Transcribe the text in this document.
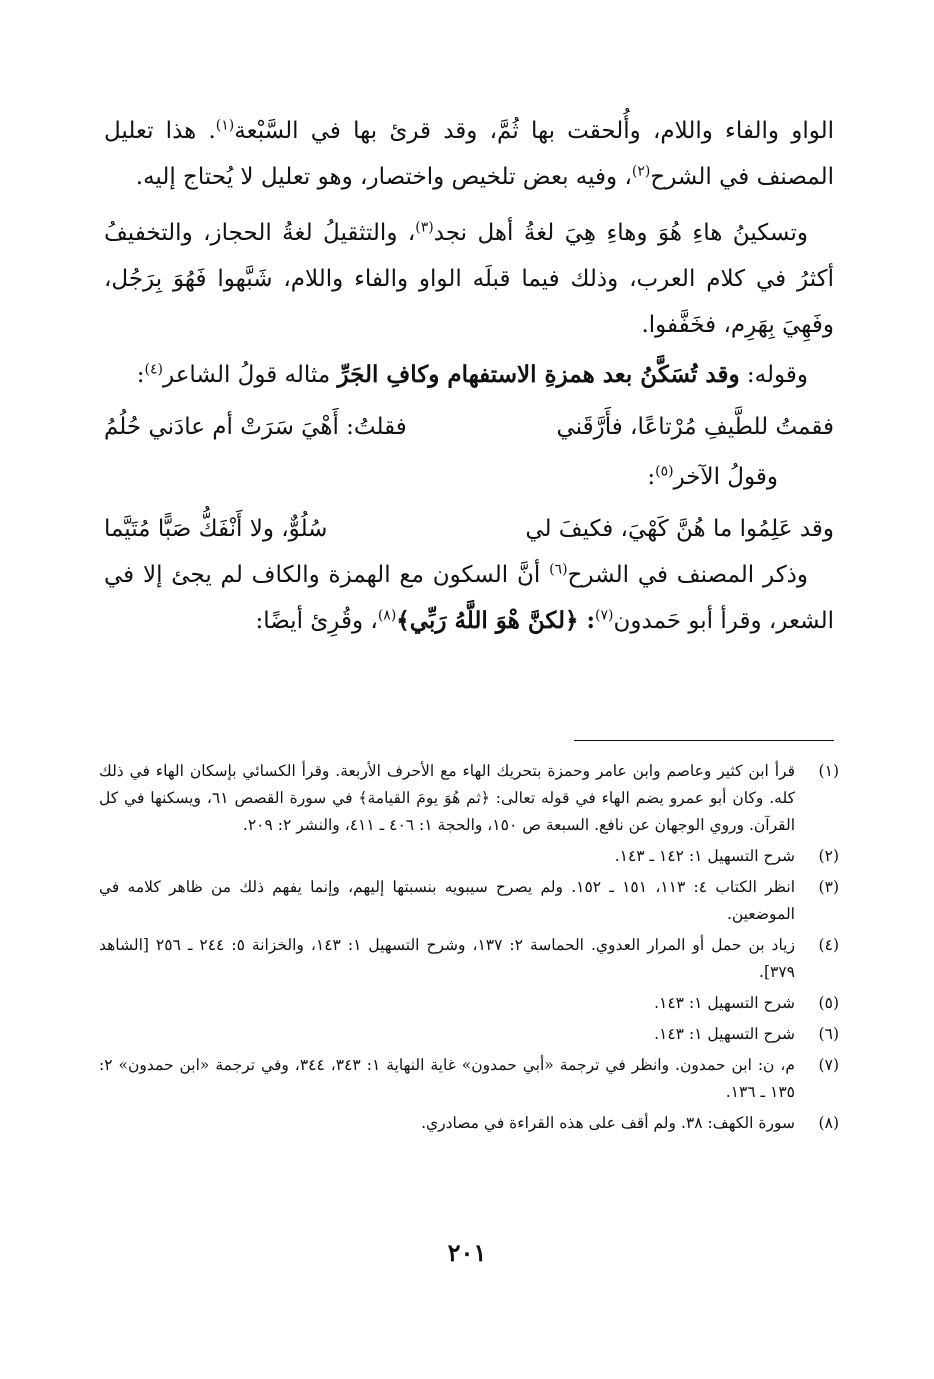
الواو والفاء واللام، وأُلحقت بها ثُمَّ، وقد قرئ بها في السَّبْعة$^{(١)}$. هذا تعليل المصنف في الشرح$^{(٢)}$، وفيه بعض تلخيص واختصار، وهو تعليل لا يُحتاج إليه.

وتسكينُ هاءِ هُوَ وهاءِ هِيَ لغةُ أهل نجد$^{(٣)}$، والتثقيلُ لغةُ الحجاز، والتخفيفُ أكثرُ في كلام العرب، وذلك فيما قبلَه الواو والفاء واللام، شَبَّهوا فَهُوَ بِرَجُل، وفَهِيَ بِهَرِم، فخَفَّفوا.

وقوله: وقد تُسَكَّنُ بعد همزةِ الاستفهام وكافِ الجَرِّ مثاله قولُ الشاعر$^{(٤)}$:

فقمتُ للطَّيفِ مُرْتاعًا، فأَرَّقَني
فقلتُ: أَهْيَ سَرَتْ أم عادَني حُلُمُ

وقولُ الآخر$^{(٥)}$:

وقد عَلِمُوا ما هُنَّ كَهْيَ، فكيفَ لي
سُلُوٌّ، ولا أَنْفَكُّ صَبًّا مُتَيَّما

وذكر المصنف في الشرح$^{(٦)}$ أنَّ السكون مع الهمزة والكاف لم يجئ إلا في الشعر، وقرأ أبو حَمدون$^{(٧)}$: ﴿لكنَّ هْوَ اللَّهُ رَبِّي﴾$^{(٨)}$، وقُرِئ أيضًا:

(١)
قرأ ابن كثير وعاصم وابن عامر وحمزة بتحريك الهاء مع الأحرف الأربعة. وقرأ الكسائي بإسكان الهاء في ذلك كله. وكان أبو عمرو يضم الهاء في قوله تعالى: ﴿ثم هُوَ يومَ القيامة﴾ في سورة القصص ٦١، ويسكنها في كل القرآن. وروي الوجهان عن نافع. السبعة ص ١٥٠، والحجة ١: ٤٠٦ ـ ٤١١، والنشر ٢: ٢٠٩.
(٢)
شرح التسهيل ١: ١٤٢ ـ ١٤٣.
(٣)
انظر الكتاب ٤: ١١٣، ١٥١ ـ ١٥٢. ولم يصرح سيبويه بنسبتها إليهم، وإنما يفهم ذلك من ظاهر كلامه في الموضعين.
(٤)
زياد بن حمل أو المرار العدوي. الحماسة ٢: ١٣٧، وشرح التسهيل ١: ١٤٣، والخزانة ٥: ٢٤٤ ـ ٢٥٦ [الشاهد ٣٧٩].
(٥)
شرح التسهيل ١: ١٤٣.
(٦)
شرح التسهيل ١: ١٤٣.
(٧)
م، ن: ابن حمدون. وانظر في ترجمة «أبي حمدون» غاية النهاية ١: ٣٤٣، ٣٤٤، وفي ترجمة «ابن حمدون» ٢: ١٣٥ ـ ١٣٦.
(٨)
سورة الكهف: ٣٨. ولم أقف على هذه القراءة في مصادري.
٢٠١
